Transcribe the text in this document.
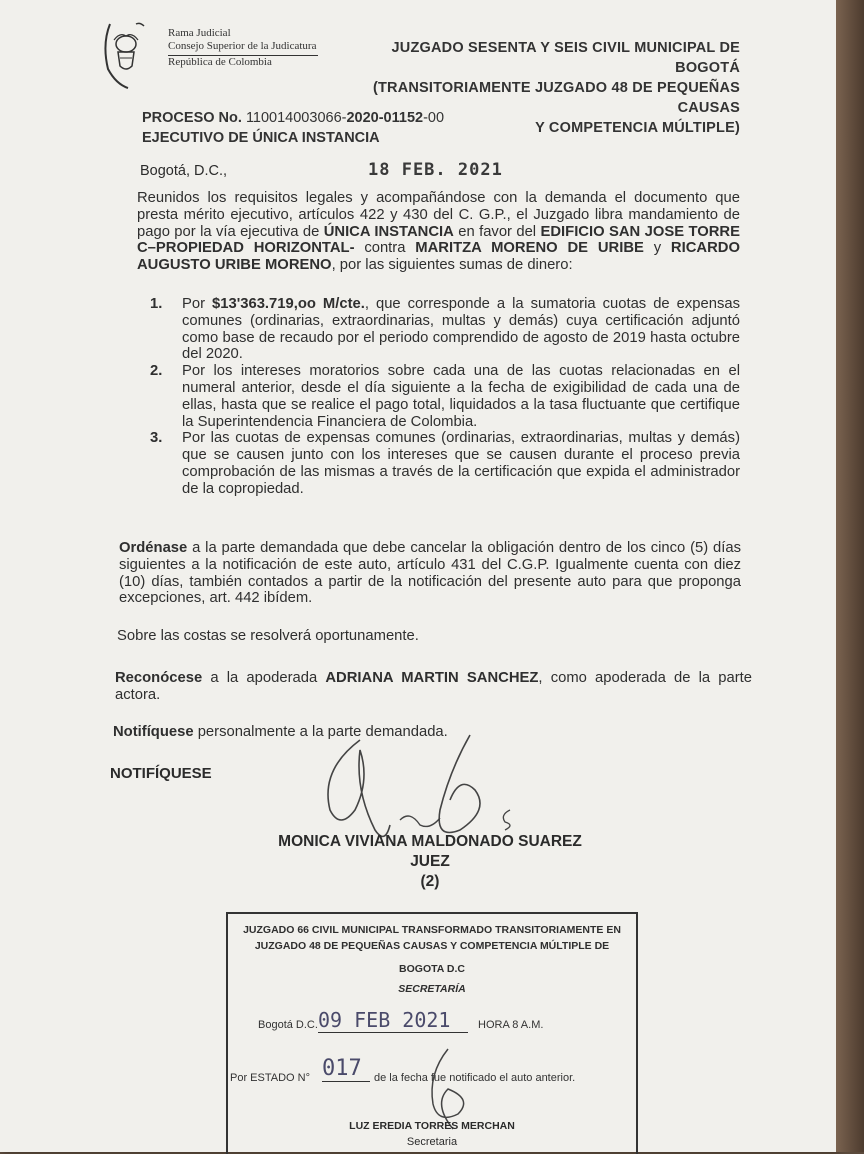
Rama Judicial
Consejo Superior de la Judicatura
República de Colombia
JUZGADO SESENTA Y SEIS CIVIL MUNICIPAL DE BOGOTÁ
(TRANSITORIAMENTE JUZGADO 48 DE PEQUEÑAS CAUSAS
Y COMPETENCIA MÚLTIPLE)
PROCESO No. 110014003066-2020-01152-00
EJECUTIVO DE ÚNICA INSTANCIA
Bogotá, D.C.,	18 FEB. 2021
Reunidos los requisitos legales y acompañándose con la demanda el documento que presta mérito ejecutivo, artículos 422 y 430 del C. G.P., el Juzgado libra mandamiento de pago por la vía ejecutiva de ÚNICA INSTANCIA en favor del EDIFICIO SAN JOSE TORRE C–PROPIEDAD HORIZONTAL- contra MARITZA MORENO DE URIBE y RICARDO AUGUSTO URIBE MORENO, por las siguientes sumas de dinero:
1.	Por $13'363.719,oo M/cte., que corresponde a la sumatoria cuotas de expensas comunes (ordinarias, extraordinarias, multas y demás) cuya certificación adjuntó como base de recaudo por el periodo comprendido de agosto de 2019 hasta octubre del 2020.
2.	Por los intereses moratorios sobre cada una de las cuotas relacionadas en el numeral anterior, desde el día siguiente a la fecha de exigibilidad de cada una de ellas, hasta que se realice el pago total, liquidados a la tasa fluctuante que certifique la Superintendencia Financiera de Colombia.
3.	Por las cuotas de expensas comunes (ordinarias, extraordinarias, multas y demás) que se causen junto con los intereses que se causen durante el proceso previa comprobación de las mismas a través de la certificación que expida el administrador de la copropiedad.
Ordénase a la parte demandada que debe cancelar la obligación dentro de los cinco (5) días siguientes a la notificación de este auto, artículo 431 del C.G.P. Igualmente cuenta con diez (10) días, también contados a partir de la notificación del presente auto para que proponga excepciones, art. 442 ibídem.
Sobre las costas se resolverá oportunamente.
Reconócese a la apoderada ADRIANA MARTIN SANCHEZ, como apoderada de la parte actora.
Notifíquese personalmente a la parte demandada.
NOTIFÍQUESE
MONICA VIVIANA MALDONADO SUAREZ
JUEZ
(2)
JUZGADO 66 CIVIL MUNICIPAL TRANSFORMADO TRANSITORIAMENTE EN JUZGADO 48 DE PEQUEÑAS CAUSAS Y COMPETENCIA MÚLTIPLE DE
BOGOTA D.C
SECRETARÍA
Bogotá D.C. 09 FEB 2021	HORA 8 A.M.
Por ESTADO N° 017	de la fecha fue notificado el auto anterior.
LUZ EREDIA TORRES MERCHAN
Secretaria
